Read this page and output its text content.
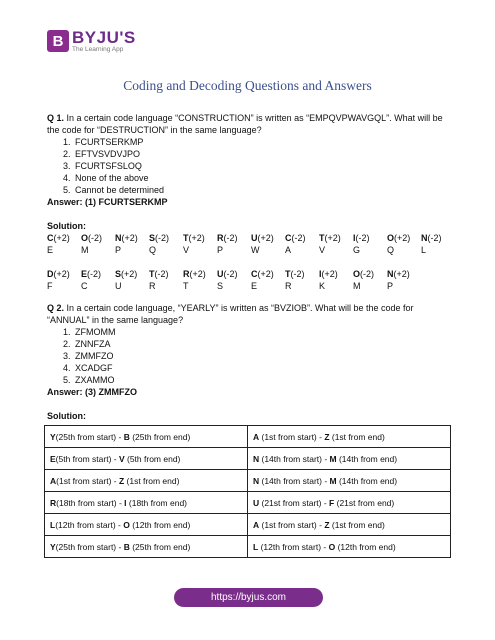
B BYJU'S
The Learning App
Coding and Decoding Questions and Answers
Q 1. In a certain code language “CONSTRUCTION” is written as “EMPQVPWAVGQL”. What will be the code for “DESTRUCTION” in the same language?
1. FCURTSERKMP
2. EFTVSVDVJPO
3. FCURTSFSLOQ
4. None of the above
5. Cannot be determined
Answer: (1) FCURTSERKMP
Solution:
C(+2)	O(-2)	N(+2)	S(-2)	T(+2)	R(-2)	U(+2)	C(-2)	T(+2)	I(-2)	O(+2)	N(-2)
E	M	P	Q	V	P	W	A	V	G	Q	L
D(+2)	E(-2)	S(+2)	T(-2)	R(+2)	U(-2)	C(+2)	T(-2)	I(+2)	O(-2)	N(+2)
F	C	U	R	T	S	E	R	K	M	P
Q 2. In a certain code language, “YEARLY” is written as “BVZIOB”. What will be the code for “ANNUAL” in the same language?
1. ZFMOMM
2. ZNNFZA
3. ZMMFZO
4. XCADGF
5. ZXAMMO
Answer: (3) ZMMFZO
Solution:
Y(25th from start) - B (25th from end)	A (1st from start) - Z (1st from end)
E(5th from start) - V (5th from end)	N (14th from start) - M (14th from end)
A(1st from start) - Z (1st from end)	N (14th from start) - M (14th from end)
R(18th from start) - I (18th from end)	U (21st from start) - F (21st from end)
L(12th from start) - O (12th from end)	A (1st from start) - Z (1st from end)
Y(25th from start) - B (25th from end)	L (12th from start) - O (12th from end)
https://byjus.com
